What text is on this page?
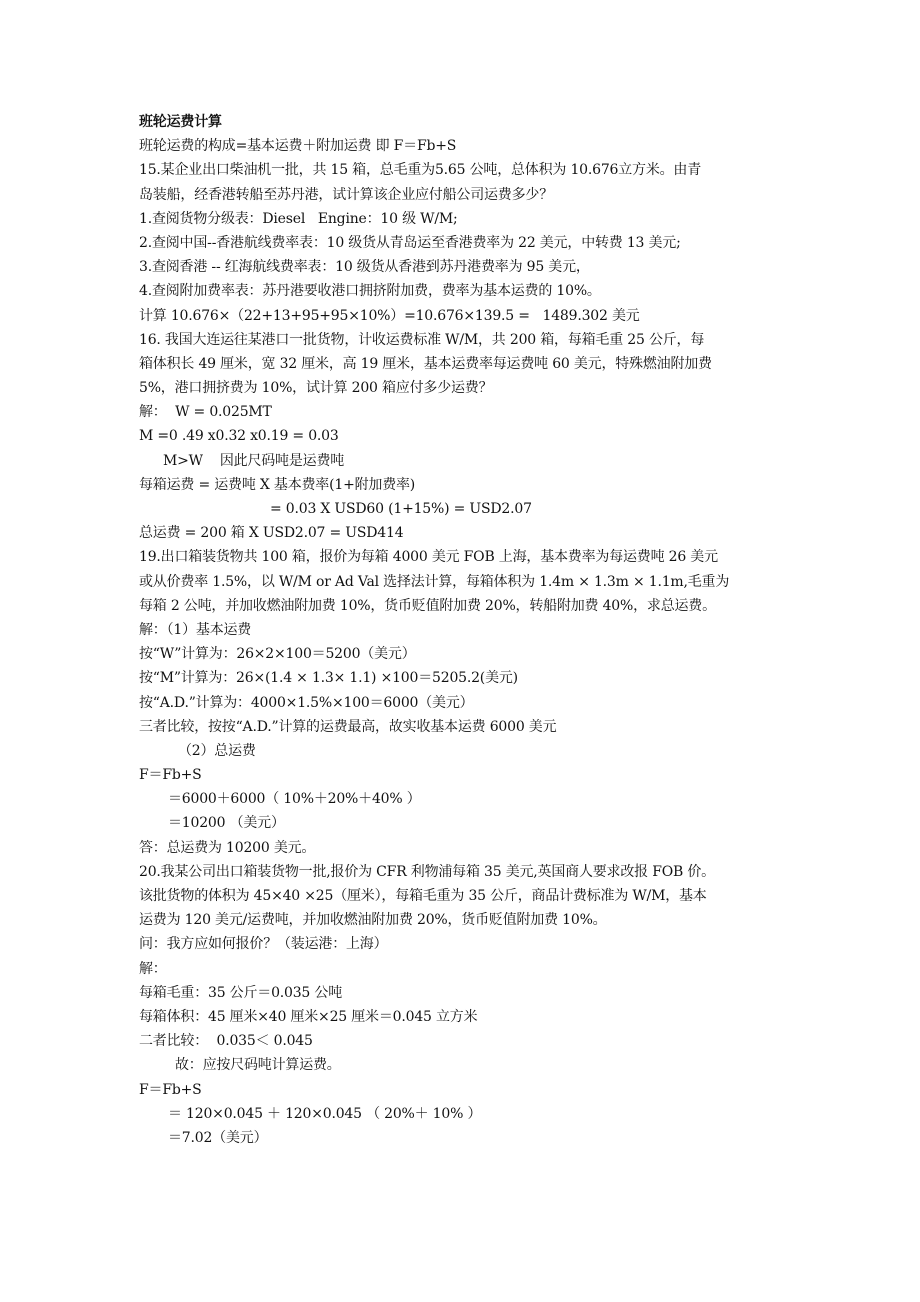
班轮运费计算
班轮运费的构成=基本运费＋附加运费 即 F＝Fb+S
15.某企业出口柴油机一批，共 15 箱，总毛重为5.65 公吨，总体积为 10.676立方米。由青
岛装船，经香港转船至苏丹港，试计算该企业应付船公司运费多少？
1.查阅货物分级表：Diesel   Engine：10 级 W/M;
2.查阅中国--香港航线费率表：10 级货从青岛运至香港费率为 22 美元，中转费 13 美元;
3.查阅香港 -- 红海航线费率表：10 级货从香港到苏丹港费率为 95 美元，
4.查阅附加费率表：苏丹港要收港口拥挤附加费，费率为基本运费的 10%。
计算 10.676×（22+13+95+95×10%）=10.676×139.5 =   1489.302 美元
16. 我国大连运往某港口一批货物，计收运费标准 W/M，共 200 箱，每箱毛重 25 公斤，每
箱体积长 49 厘米，宽 32 厘米，高 19 厘米，基本运费率每运费吨 60 美元，特殊燃油附加费
5%，港口拥挤费为 10%，试计算 200 箱应付多少运费？
解：  W = 0.025MT
M =0 .49 x0.32 x0.19 = 0.03
M>W    因此尺码吨是运费吨
每箱运费 = 运费吨 X 基本费率(1+附加费率)
= 0.03 X USD60 (1+15%) = USD2.07
总运费 = 200 箱 X USD2.07 = USD414
19.出口箱装货物共 100 箱，报价为每箱 4000 美元 FOB 上海，基本费率为每运费吨 26 美元
或从价费率 1.5%，以 W/M or Ad Val 选择法计算，每箱体积为 1.4m × 1.3m × 1.1m,毛重为
每箱 2 公吨，并加收燃油附加费 10%，货币贬值附加费 20%，转船附加费 40%，求总运费。
解：（1）基本运费
按“W”计算为：26×2×100＝5200（美元）
按“M”计算为：26×(1.4 × 1.3× 1.1) ×100＝5205.2(美元)
按“A.D.”计算为：4000×1.5%×100＝6000（美元）
三者比较，按按“A.D.”计算的运费最高，故实收基本运费 6000 美元
（2）总运费
F＝Fb+S
＝6000＋6000（ 10%＋20%＋40% ）
＝10200 （美元）
答：总运费为 10200 美元。
20.我某公司出口箱装货物一批,报价为 CFR 利物浦每箱 35 美元,英国商人要求改报 FOB 价。
该批货物的体积为 45×40 ×25（厘米），每箱毛重为 35 公斤，商品计费标准为 W/M，基本
运费为 120 美元/运费吨，并加收燃油附加费 20%，货币贬值附加费 10%。
问：我方应如何报价？（装运港：上海）
解：
每箱毛重：35 公斤＝0.035 公吨
每箱体积：45 厘米×40 厘米×25 厘米＝0.045 立方米
二者比较：  0.035＜ 0.045
故：应按尺码吨计算运费。
F＝Fb+S
＝ 120×0.045 ＋ 120×0.045 （ 20%＋ 10% ）
＝7.02（美元）
